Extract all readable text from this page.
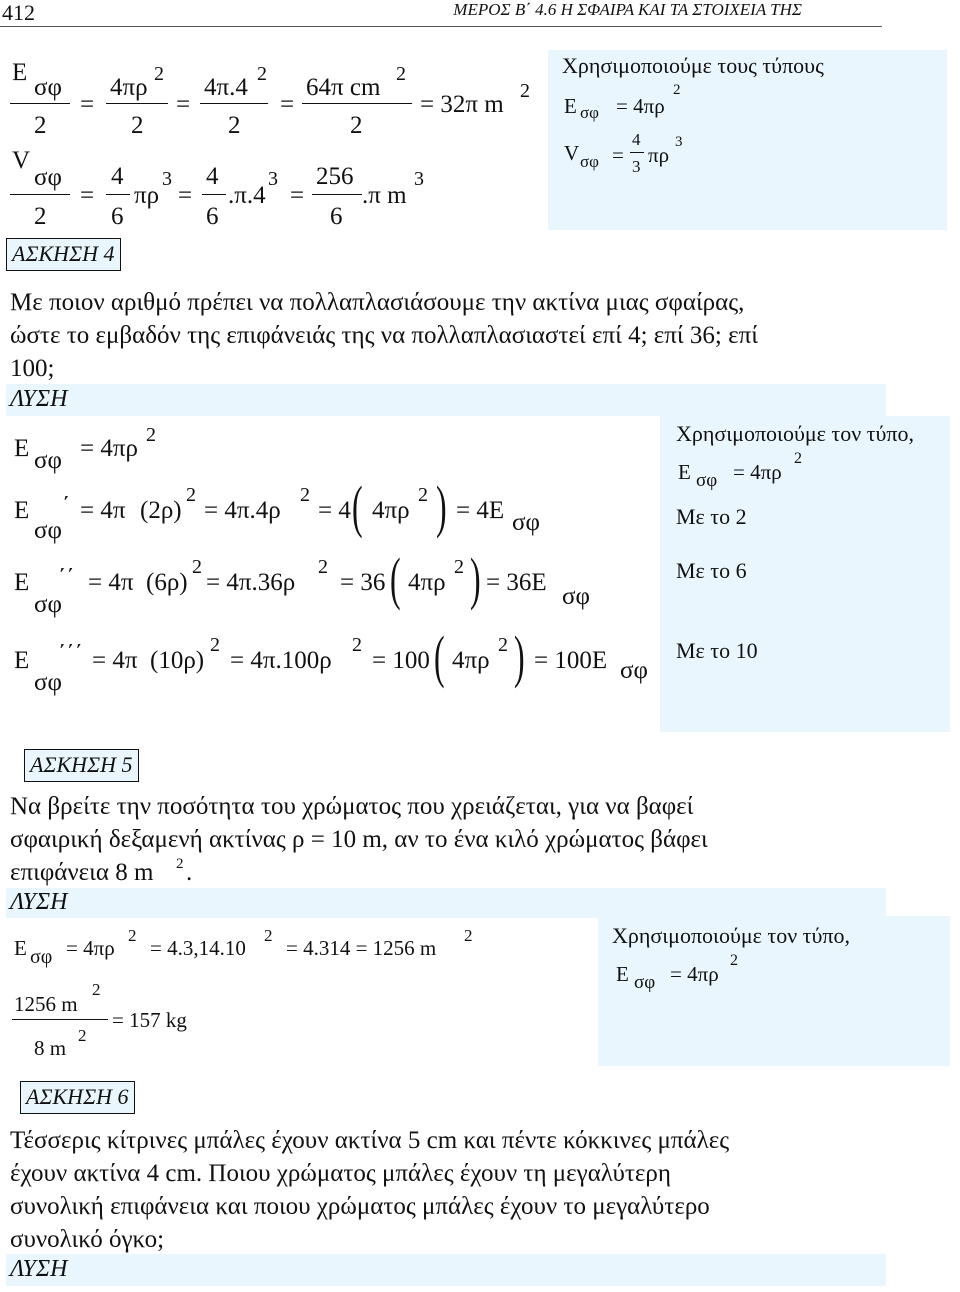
412	ΜΕΡΟΣ Β΄ 4.6 Η ΣΦΑΙΡΑ ΚΑΙ ΤΑ ΣΤΟΙΧΕΙΑ ΤΗΣ
Χρησιμοποιούμε τους τύπους
Ε σφ = 4πρ
2
V σφ =
4
3 πρ
3
Ε
σφ
2
=
4πρ 2
2
=
4π.4 2
2
=
64π cm 2
2
= 32π m 2
V
σφ
2
=
4
6
πρ
3
=
4
6
.π.4
3
=
256
6
.π m
3
ΑΣΚΗΣΗ 4
Με ποιον αριθμό πρέπει να πολλαπλασιάσουμε την ακτίνα μιας σφαίρας,
ώστε το εμβαδόν της επιφάνειάς της να πολλαπλασιαστεί επί 4; επί 36; επί
100;
ΛΥΣΗ
Χρησιμοποιούμε τον τύπο,
Ε σφ = 4πρ
2
Με το 2
Με το 6
Με το 10
Ε σφ = 4πρ 2
Ε ΄
σφ
= 4π (2ρ)
2
= 4π.4ρ
2
= 4 ( 4πρ
2 ) = 4Ε σφ
Ε ΄΄
σφ
= 4π (6ρ)
2
= 4π.36ρ
2
= 36 ( 4πρ
2 ) = 36Ε
σφ
Ε ΄΄΄
σφ
= 4π (10ρ)
2
= 4π.100ρ
2
= 100 ( 4πρ
2 ) = 100Ε σφ
ΑΣΚΗΣΗ 5
Να βρείτε την ποσότητα του χρώματος που χρειάζεται, για να βαφεί
σφαιρική δεξαμενή ακτίνας ρ = 10 m, αν το ένα κιλό χρώματος βάφει
επιφάνεια 8 m 2 .
ΛΥΣΗ
Χρησιμοποιούμε τον τύπο,
Ε σφ = 4πρ
2
Ε σφ = 4πρ
2
= 4.3,14.10
2
= 4.314 = 1256 m
2
1256 m
2
8 m
2
= 157 kg
ΑΣΚΗΣΗ 6
Τέσσερις κίτρινες μπάλες έχουν ακτίνα 5 cm και πέντε κόκκινες μπάλες
έχουν ακτίνα 4 cm. Ποιου χρώματος μπάλες έχουν τη μεγαλύτερη
συνολική επιφάνεια και ποιου χρώματος μπάλες έχουν το μεγαλύτερο
συνολικό όγκο;
ΛΥΣΗ
